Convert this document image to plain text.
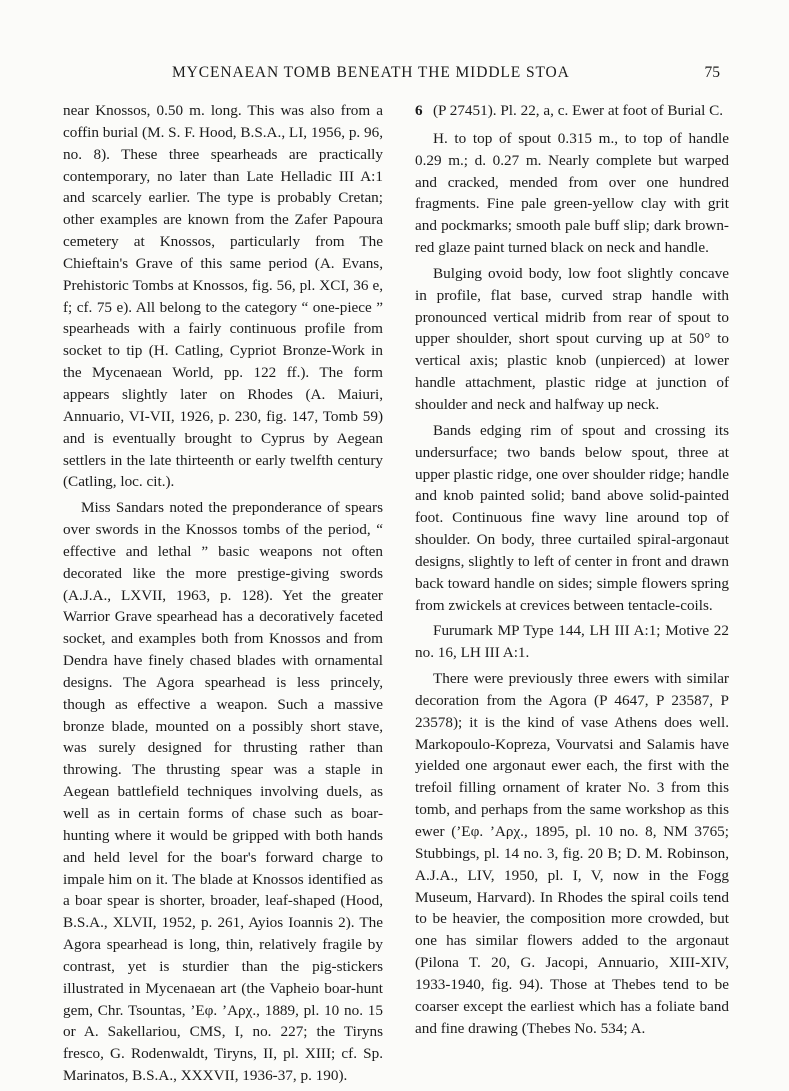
MYCENAEAN TOMB BENEATH THE MIDDLE STOA	75

near Knossos, 0.50 m. long. This was also from a coffin burial (M. S. F. Hood, B.S.A., LI, 1956, p. 96, no. 8). These three spearheads are practically contemporary, no later than Late Helladic III A:1 and scarcely earlier. The type is probably Cretan; other examples are known from the Zafer Papoura cemetery at Knossos, particularly from The Chieftain's Grave of this same period (A. Evans, Prehistoric Tombs at Knossos, fig. 56, pl. XCI, 36 e, f; cf. 75 e). All belong to the category “ one-piece ” spearheads with a fairly continuous profile from socket to tip (H. Catling, Cypriot Bronze-Work in the Mycenaean World, pp. 122 ff.). The form appears slightly later on Rhodes (A. Maiuri, Annuario, VI-VII, 1926, p. 230, fig. 147, Tomb 59) and is eventually brought to Cyprus by Aegean settlers in the late thirteenth or early twelfth century (Catling, loc. cit.).

Miss Sandars noted the preponderance of spears over swords in the Knossos tombs of the period, “ effective and lethal ” basic weapons not often decorated like the more prestige-giving swords (A.J.A., LXVII, 1963, p. 128). Yet the greater Warrior Grave spearhead has a decoratively faceted socket, and examples both from Knossos and from Dendra have finely chased blades with ornamental designs. The Agora spearhead is less princely, though as effective a weapon. Such a massive bronze blade, mounted on a possibly short stave, was surely designed for thrusting rather than throwing. The thrusting spear was a staple in Aegean battlefield techniques involving duels, as well as in certain forms of chase such as boar-hunting where it would be gripped with both hands and held level for the boar's forward charge to impale him on it. The blade at Knossos identified as a boar spear is shorter, broader, leaf-shaped (Hood, B.S.A., XLVII, 1952, p. 261, Ayios Ioannis 2). The Agora spearhead is long, thin, relatively fragile by contrast, yet is sturdier than the pig-stickers illustrated in Mycenaean art (the Vapheio boar-hunt gem, Chr. Tsountas, ’Eφ. ’Aρχ., 1889, pl. 10 no. 15 or A. Sakellariou, CMS, I, no. 227; the Tiryns fresco, G. Rodenwaldt, Tiryns, II, pl. XIII; cf. Sp. Marinatos, B.S.A., XXXVII, 1936-37, p. 190).

6 (P 27451). Pl. 22, a, c. Ewer at foot of Burial C.

H. to top of spout 0.315 m., to top of handle 0.29 m.; d. 0.27 m. Nearly complete but warped and cracked, mended from over one hundred fragments. Fine pale green-yellow clay with grit and pockmarks; smooth pale buff slip; dark brown-red glaze paint turned black on neck and handle.

Bulging ovoid body, low foot slightly concave in profile, flat base, curved strap handle with pronounced vertical midrib from rear of spout to upper shoulder, short spout curving up at 50° to vertical axis; plastic knob (unpierced) at lower handle attachment, plastic ridge at junction of shoulder and neck and halfway up neck.

Bands edging rim of spout and crossing its undersurface; two bands below spout, three at upper plastic ridge, one over shoulder ridge; handle and knob painted solid; band above solid-painted foot. Continuous fine wavy line around top of shoulder. On body, three curtailed spiral-argonaut designs, slightly to left of center in front and drawn back toward handle on sides; simple flowers spring from zwickels at crevices between tentacle-coils.

Furumark MP Type 144, LH III A:1; Motive 22 no. 16, LH III A:1.

There were previously three ewers with similar decoration from the Agora (P 4647, P 23587, P 23578); it is the kind of vase Athens does well. Markopoulo-Kopreza, Vourvatsi and Salamis have yielded one argonaut ewer each, the first with the trefoil filling ornament of krater No. 3 from this tomb, and perhaps from the same workshop as this ewer (’Eφ. ’Aρχ., 1895, pl. 10 no. 8, NM 3765; Stubbings, pl. 14 no. 3, fig. 20 B; D. M. Robinson, A.J.A., LIV, 1950, pl. I, V, now in the Fogg Museum, Harvard). In Rhodes the spiral coils tend to be heavier, the composition more crowded, but one has similar flowers added to the argonaut (Pilona T. 20, G. Jacopi, Annuario, XIII-XIV, 1933-1940, fig. 94). Those at Thebes tend to be coarser except the earliest which has a foliate band and fine drawing (Thebes No. 534; A.
